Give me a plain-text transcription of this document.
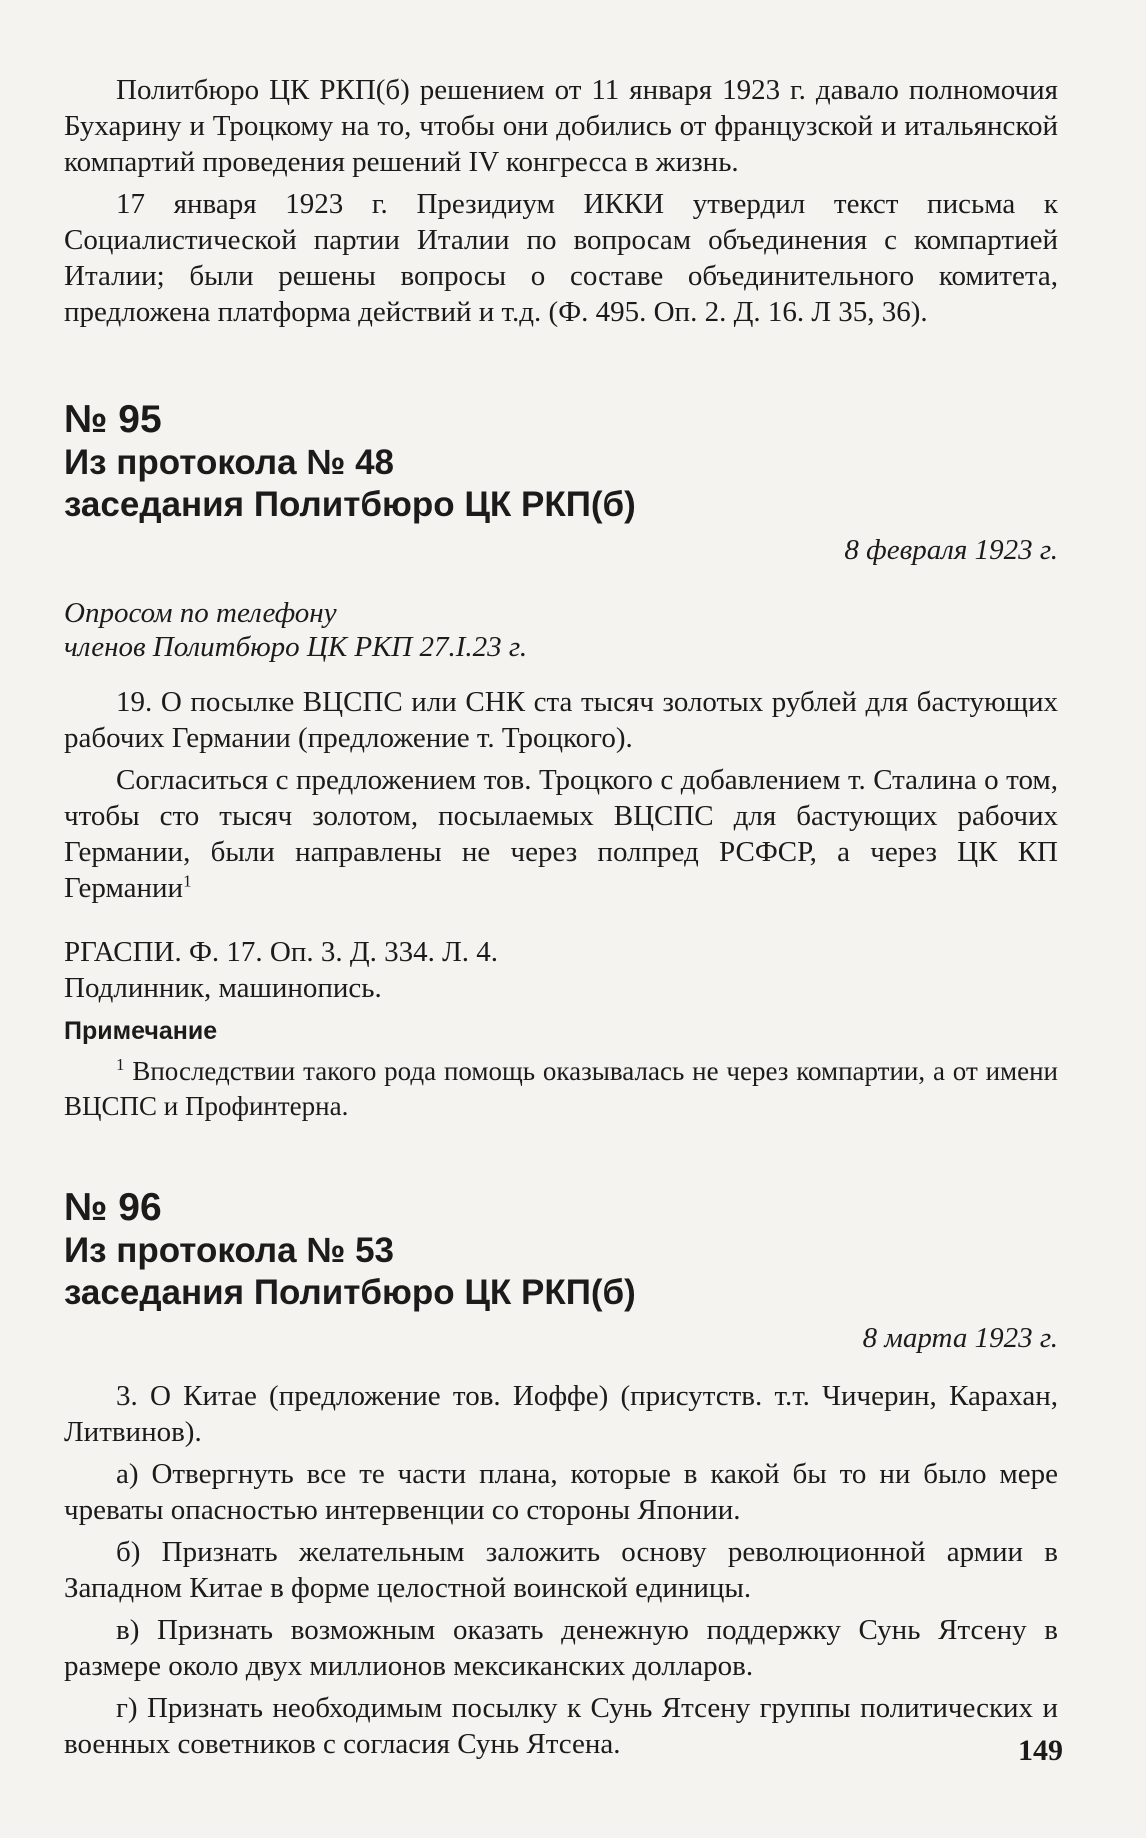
Политбюро ЦК РКП(б) решением от 11 января 1923 г. давало полномочия Бухарину и Троцкому на то, чтобы они добились от французской и итальянской компартий проведения решений IV конгресса в жизнь.

17 января 1923 г. Президиум ИККИ утвердил текст письма к Социалистической партии Италии по вопросам объединения с компартией Италии; были решены вопросы о составе объединительного комитета, предложена платформа действий и т.д. (Ф. 495. Оп. 2. Д. 16. Л 35, 36).

№ 95

Из протокола № 48

заседания Политбюро ЦК РКП(б)

8 февраля 1923 г.

Опросом по телефону

членов Политбюро ЦК РКП 27.I.23 г.

19. О посылке ВЦСПС или СНК ста тысяч золотых рублей для бастующих рабочих Германии (предложение т. Троцкого).

Согласиться с предложением тов. Троцкого с добавлением т. Сталина о том, чтобы сто тысяч золотом, посылаемых ВЦСПС для бастующих рабочих Германии, были направлены не через полпред РСФСР, а через ЦК КП Германии$^1$

РГАСПИ. Ф. 17. Оп. 3. Д. 334. Л. 4.

Подлинник, машинопись.

Примечание

$^1$ Впоследствии такого рода помощь оказывалась не через компартии, а от имени ВЦСПС и Профинтерна.

№ 96

Из протокола № 53

заседания Политбюро ЦК РКП(б)

8 марта 1923 г.

3. О Китае (предложение тов. Иоффе) (присутств. т.т. Чичерин, Карахан, Литвинов).

а) Отвергнуть все те части плана, которые в какой бы то ни было мере чреваты опасностью интервенции со стороны Японии.

б) Признать желательным заложить основу революционной армии в Западном Китае в форме целостной воинской единицы.

в) Признать возможным оказать денежную поддержку Сунь Ятсену в размере около двух миллионов мексиканских долларов.

г) Признать необходимым посылку к Сунь Ятсену группы политических и военных советников с согласия Сунь Ятсена.	149
